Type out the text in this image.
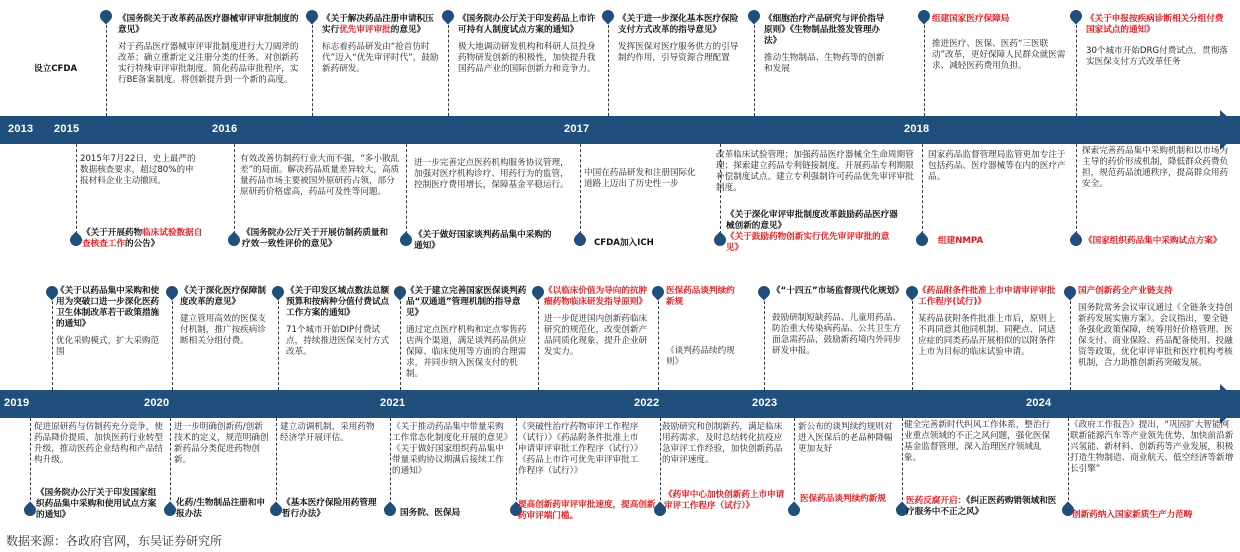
2013 2015	2016	2017	2018
设立CFDA
《国务院关于改革药品医疗器械审评审批制度的意见》
对于药品医疗器械审评审批制度进行大刀阔斧的改革；确立重新定义注册分类的任务。对创新药实行特殊审评审批制度。简化药品审批程序，实行BE备案制度。将创新提升到一个新的高度。
《关于解决药品注册申请积压实行优先审评审批的意见》
标志着药品研发由“抢首仿时代”迈入“优先审评时代”，鼓励新药研发。
《国务院办公厅关于印发药品上市许可持有人制度试点方案的通知》
极大地调动研发机构和科研人员投身药物研发创新的积极性，加快提升我国药品产业的国际创新力和竞争力。
《关于进一步深化基本医疗保险支付方式改革的指导意见》
发挥医保对医疗服务供方的引导制约作用，引导资源合理配置
《细胞治疗产品研究与评价指导原则》《生物制品批签发管理办法》
推动生物制品、生物药等的创新和发展
组建国家医疗保障局
推进医疗、医保、医药“三医联动”改革，更好保障人民群众就医需求、减轻医药费用负担。
《关于申报按疾病诊断相关分组付费国家试点的通知》
30个城市开始DRG付费试点，贯彻落实医保支付方式改革任务
2015年7月22日，史上最严的数据核查要求，超过80%的申报材料企业主动撤回。
《关于开展药物临床试验数据自查核查工作的公告》
有效改善仿制药行业大而不强，“多小散乱差”的局面。解决药品质量差异较大，高质量药品市场主要被国外原研药占领，部分原研药价格虚高，药品可及性等问题。
《国务院办公厅关于开展仿制药质量和疗效一致性评价的意见》
进一步完善定点医药机构服务协议管理，加强对医疗机构诊疗、用药行为的监管，控制医疗费用增长，保障基金平稳运行。
《关于做好国家谈判药品集中采购的通知》
中国在药品研发和注册国际化道路上迈出了历史性一步
CFDA加入ICH
改革临床试验管理；加强药品医疗器械全生命周期管理；探索建立药品专利链接制度。开展药品专利期限补偿制度试点。建立专利强制许可药品优先审评审批制度。
《关于深化审评审批制度改革鼓励药品医疗器械创新的意见》
《关于鼓励药物创新实行优先审评审批的意见》
国家药品监督管理局监管更加专注于包括药品、医疗器械等在内的医疗产品。
组建NMPA
探索完善药品集中采购机制和以市场为主导的药价形成机制，降低群众药费负担，规范药品流通秩序，提高群众用药安全。
《国家组织药品集中采购试点方案》
2019	2020	2021	2022	2023	2024
《关于以药品集中采购和使用为突破口进一步深化医药卫生体制改革若干政策措施的通知》
优化采购模式，扩大采购范围
《关于深化医疗保障制度改革的意见》
建立管用高效的医保支付机制，推广按疾病诊断相关分组付费。
《关于印发区域点数法总额预算和按病种分值付费试点工作方案的通知》
71个城市开始DIP付费试点，持续推进医保支付方式改革。
《关于建立完善国家医保谈判药品“双通道”管理机制的指导意见》
通过定点医疗机构和定点零售药店两个渠道，满足谈判药品供应保障、临床使用等方面的合理需求，并同步纳入医保支付的机制。
《以临床价值为导向的抗肿瘤药物临床研发指导原则》
进一步促进国内创新药临床研究的规范化，改变创新产品同质化现象，提升企业研发实力。
医保药品谈判续约新规
《谈判药品续约规则》
《“十四五”市场监督现代化规划》
鼓励研制短缺药品、儿童用药品、防治重大传染病药品、公共卫生方面急需药品，鼓励新药境内外同步研发申报。
《药品附条件批准上市申请审评审批工作程序(试行)》
某药品获附条件批准上市后，原则上不再同意其他同机制、同靶点、同适应症的同类药品开展相似的以附条件上市为目标的临床试验申请。
国产创新药全产业链支持
国务院常务会议审议通过《全链条支持创新药发展实施方案》。会议指出，要全链条强化政策保障，统筹用好价格管理、医保支付、商业保险、药品配备使用、投融资等政策，优化审评审批和医疗机构考核机制，合力助推创新药突破发展。
促进原研药与仿制药充分竞争，使药品降价提质，加快医药行业转型升级，推动医药企业结构和产品结构升级。
《国务院办公厅关于印发国家组织药品集中采购和使用试点方案的通知》
进一步明确创新药/创新技术的定义，规范明确创新药品分类促进药物创新。
化药/生物制品注册和申报办法
建立动调机制，采用药物经济学开展评估。
《基本医疗保险用药管理暂行办法》
《关于推动药品集中带量采购工作常态化制度化开展的意见》《关于做好国家组织药品集中带量采购协议期满后接续工作的通知》
国务院、医保局
《突破性治疗药物审评工作程序（试行）》《药品附条件批准上市申请审评审批工作程序（试行）》《药品上市许可优先审评审批工作程序（试行）》
提高创新药审评审批速度，提高创新药审评端门槛。
鼓励研究和创制新药，满足临床用药需求，及时总结转化抗疫应急审评工作经验，加快创新药品的审评速度。
《药审中心加快创新药上市申请审评工作程序（试行）》
新公布的谈判续约规则对进入医保后的老品种降幅更加友好
医保药品谈判续约新规
健全完善新时代纠风工作体系，整治行业重点领域的不正之风问题，强化医保基金监督管理，深入治理医疗领域乱象。
医药反腐开启：《纠正医药购销领域和医疗服务中不正之风》
《政府工作报告》提出，“巩固扩大智能网联新能源汽车等产业领先优势，加快前沿新兴氢能、新材料、创新药等产业发展，积极打造生物制造、商业航天、低空经济等新增长引擎”
创新药纳入国家新质生产力范畴
数据来源：各政府官网，东吴证券研究所
